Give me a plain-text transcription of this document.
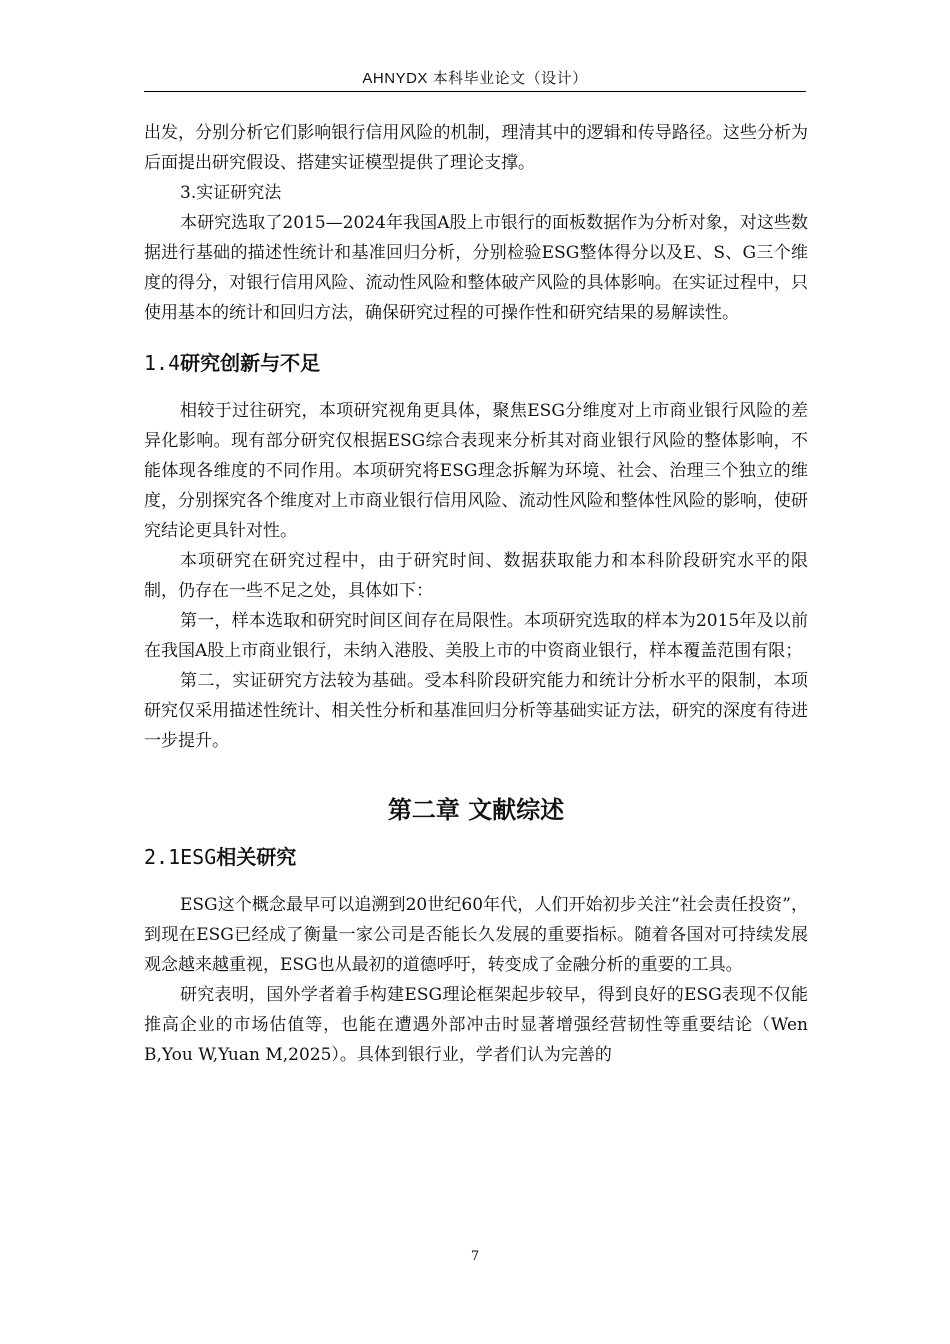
AHNYDX 本科毕业论文（设计）

出发，分别分析它们影响银行信用风险的机制，理清其中的逻辑和传导路径。这些分析为后面提出研究假设、搭建实证模型提供了理论支撑。

3.实证研究法

本研究选取了2015—2024年我国A股上市银行的面板数据作为分析对象，对这些数据进行基础的描述性统计和基准回归分析，分别检验ESG整体得分以及E、S、G三个维度的得分，对银行信用风险、流动性风险和整体破产风险的具体影响。在实证过程中，只使用基本的统计和回归方法，确保研究过程的可操作性和研究结果的易解读性。

1.4研究创新与不足

相较于过往研究，本项研究视角更具体，聚焦ESG分维度对上市商业银行风险的差异化影响。现有部分研究仅根据ESG综合表现来分析其对商业银行风险的整体影响，不能体现各维度的不同作用。本项研究将ESG理念拆解为环境、社会、治理三个独立的维度，分别探究各个维度对上市商业银行信用风险、流动性风险和整体性风险的影响，使研究结论更具针对性。

本项研究在研究过程中，由于研究时间、数据获取能力和本科阶段研究水平的限制，仍存在一些不足之处，具体如下：

第一，样本选取和研究时间区间存在局限性。本项研究选取的样本为2015年及以前在我国A股上市商业银行，未纳入港股、美股上市的中资商业银行，样本覆盖范围有限；

第二，实证研究方法较为基础。受本科阶段研究能力和统计分析水平的限制，本项研究仅采用描述性统计、相关性分析和基准回归分析等基础实证方法，研究的深度有待进一步提升。

第二章 文献综述
2.1ESG相关研究

ESG这个概念最早可以追溯到20世纪60年代，人们开始初步关注“社会责任投资”，到现在ESG已经成了衡量一家公司是否能长久发展的重要指标。随着各国对可持续发展观念越来越重视，ESG也从最初的道德呼吁，转变成了金融分析的重要的工具。

研究表明，国外学者着手构建ESG理论框架起步较早，得到良好的ESG表现不仅能推高企业的市场估值等，也能在遭遇外部冲击时显著增强经营韧性等重要结论（Wen B,You W,Yuan M,2025）。具体到银行业，学者们认为完善的

7
